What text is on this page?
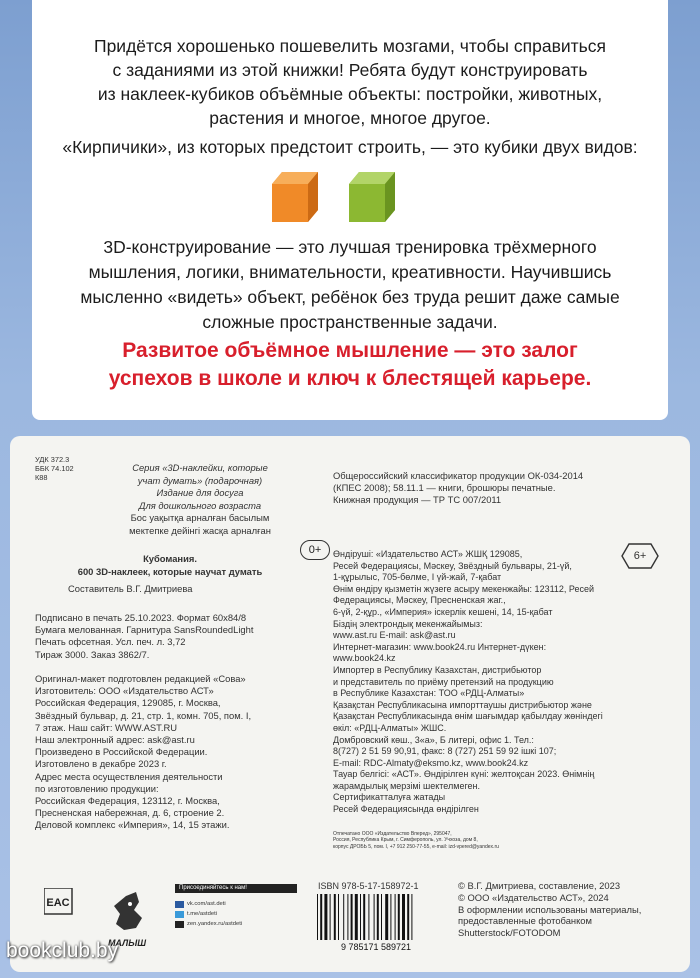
Придётся хорошенько пошевелить мозгами, чтобы справиться
с заданиями из этой книжки! Ребята будут конструировать
из наклеек-кубиков объёмные объекты: постройки, животных,
растения и многое, многое другое.
«Кирпичики», из которых предстоит строить, — это кубики двух видов:
3D-конструирование — это лучшая тренировка трёхмерного
мышления, логики, внимательности, креативности. Научившись
мысленно «видеть» объект, ребёнок без труда решит даже самые
сложные пространственные задачи.
Развитое объёмное мышление — это залог
успехов в школе и ключ к блестящей карьере.
УДК 372.3
ББК 74.102
К88
Серия «3D-наклейки, которые
учат думать» (подарочная)
Издание для досуга
Для дошкольного возраста
Бос уақытқа арналған басылым
мектепке дейінгі жасқа арналған
Общероссийский классификатор продукции ОК-034-2014
(КПЕС 2008); 58.11.1 — книги, брошюры печатные.
Книжная продукция — ТР ТС 007/2011
0+	6+
Кубомания.
600 3D-наклеек, которые научат думать
Составитель В.Г. Дмитриева
Подписано в печать 25.10.2023. Формат 60x84/8
Бумага мелованная. Гарнитура SansRoundedLight
Печать офсетная. Усл. печ. л. 3,72
Тираж 3000. Заказ 3862/7.
Оригинал-макет подготовлен редакцией «Сова»
Изготовитель: ООО «Издательство АСТ»
Российская Федерация, 129085, г. Москва,
Звёздный бульвар, д. 21, стр. 1, комн. 705, пом. I,
7 этаж. Наш сайт: WWW.AST.RU
Наш электронный адрес: ask@ast.ru
Произведено в Российской Федерации.
Изготовлено в декабре 2023 г.
Адрес места осуществления деятельности
по изготовлению продукции:
Российская Федерация, 123112, г. Москва,
Пресненская набережная, д. 6, строение 2.
Деловой комплекс «Империя», 14, 15 этажи.
Өндіруші: «Издательство АСТ» ЖШҚ 129085,
Ресей Федерациясы, Мәскеу, Звёздный бульвары, 21-үй,
1-құрылыс, 705-бөлме, I үй-жай, 7-қабат
Өнім өндіру қызметін жүзеге асыру мекенжайы: 123112, Ресей
Федерациясы, Мәскеу, Пресненская жаг.,
6-үй, 2-құр., «Империя» іскерлік кешені, 14, 15-қабат
Біздің электрондық мекенжайымыз:
www.ast.ru E-mail: ask@ast.ru
Интернет-магазин: www.book24.ru Интернет-дүкен:
www.book24.kz
Импортер в Республику Казахстан, дистрибьютор
и представитель по приёму претензий на продукцию
в Республике Казахстан: ТОО «РДЦ-Алматы»
Қазақстан Республикасына импорттаушы дистрибьютор және
Қазақстан Республикасында өнім шағымдар қабылдау жөніндегі
өкіл: «РДЦ-Алматы» ЖШС.
Домбровский көш., 3«а», Б литері, офис 1. Тел.:
8(727) 2 51 59 90,91, факс: 8 (727) 251 59 92 ішкі 107;
E-mail: RDC-Almaty@eksmo.kz, www.book24.kz
Тауар белгісі: «АСТ». Өндірілген күні: желтоқсан 2023. Өнімнің
жарамдылық мерзімі шектелмеген.
Сертификатталуға жатады
Ресей Федерациясында өндірілген
Отпечатано ООО «Издательство Вперед», 295047,
Россия, Республика Крым, г. Симферополь, ул. Учхоза, дом 8,
корпус ДРОБЬ 5, пом. I, +7 912 250-77-55, e-mail: izd-vpered@yandex.ru
EAC
МАЛЫШ
Присоединяйтесь к нам!
vk.com/ast.deti
t.me/astdeti
zen.yandex.ru/astdeti
ISBN 978-5-17-158972-1
9 785171 589721
© В.Г. Дмитриева, составление, 2023
© ООО «Издательство АСТ», 2024
В оформлении использованы материалы,
предоставленные фотобанком
Shutterstock/FOTODOM
bookclub.by
